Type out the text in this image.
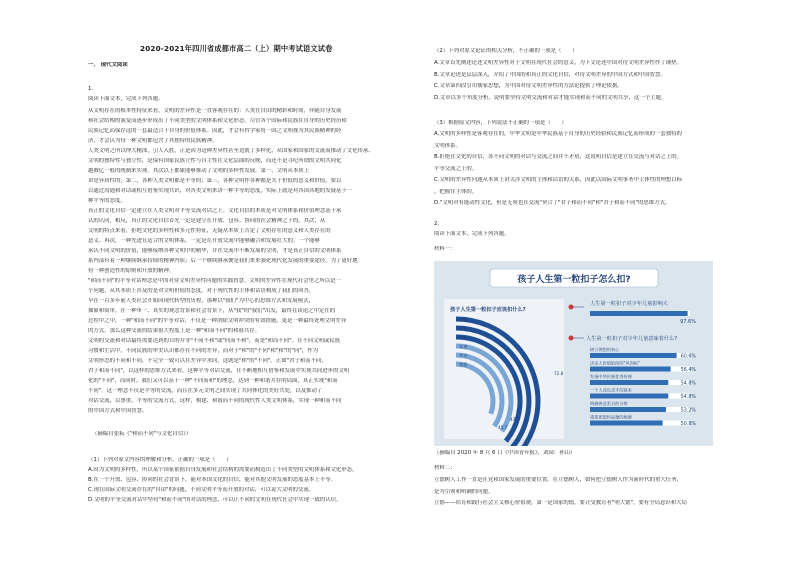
2020-2021年四川省成都市高二（上）期中考试语文试卷
一、 现代文阅读
1.
阅读下面文本，完成下列各题。
从文明存在的根本性特征来看，文明的差异性是一直客观存在的：人类在自由的精彩和时间，伴随自身发展
和社会结构的演变而逐步形成出了不同类型的文明体系和文化形态。尽管各个国际和民族在自身的历史经历和
民族记忆而保存这的一套最适合于自身的价值体系。因此，才会有哲学家将一国之文明视为其民族精神的经
济，才会认为每一种文明都包含了其独特的民族精神。
人类文明之所以博大精深，引人入胜，正是因为这种差异性甚至造就了多样化，从国家和国家的交流而推动了文化传承、
文明的独特性与独立性，是保有国家民族立性与自主性在文化层面的反映，而还不是寻纪所谓的文明共同化
越被亿一般的统制来实现。其次以上都象能够推动了文明的多样性发展。第一，文明从本质上
讲是异质性的；第二，各种人类文明都是平等的；第三，各种文明作各种都是共于价值的意义和价值，要以
以通过沟通和对话或相互借鉴实现共识，对各类文明来讲一种平等的态度，实际上就是对各国各地的发展基于一
种平等的态度。
真正的文化自信一定建立在人类文明对平等交流对话之上。文化自信的本质是对文明体系和价值理念基于承
认的认同，相反，真正的文化自信首先一定是建立在开放、包容、协同的社会精神之下的，其次，从
文明的特点来看，拒绝文化的多样性和多元性特征，无疑从本质上否定了文明存在的意义和人类存在的
意义。再次，一种先进且适合的文明体系，一定是在开放交流中能够融合和发展壮大的。一个能够
承认不同文明的价值，能够接纳各种文明中的精华，并在交流中不断发展的文明，才是真正自信的文明体系
系内部有着一种继续继承持续的精神内质；后一个继续继承便是我们来来强化现代化发展的重要途径，为了更好地
持一种创造性的原则和开放的精神。
"和而不同"的平等对话理念是中国对待文明差异性问题的实践智慧。文明的差异性在现代社会里之所以是一
个问题，从其本质上涉及的是对文明价值的态度。对于现代性的主体和话语构成了我们的回答，
早在一百多年前人类社会开始向现代转型的历程，那种以"我们"为中心的思维方式和发展模式，
抽象和简单。在一种单一、真实的观念背景和社会背景下，从"我"的"我们"出发，最终在谈论之中定在的
过程中之中，一种"和而不同"的平等对话，不仅是一种消除文明冲突的有效措施，更是一种最终处理文明差异
的方式，那么这种交流的结果很大程度上是一种"和而不同"的和谐共存。
文明的交流和对话最终需要达到的目的并非"不同不和"或"同而不和"，而是"和而不同"。在不同文明或民族
习惯和生活中，不同民族的审美认识都存在不同的差异，而对于"和"的"不同"和"和"的"同"，作为
文明形态的不同和不同，不完全一致可以在差异中求同，这就是"和"的"不同"。正如"君子和而不同，
君子和而不同"，以这样的思维方式来看，这种平等对话交流，在不断地相互借鉴和发展中实现共同进步的文明
化的"不同"，而同时，我们又可以基于一种"不同而和"的理念，达到一种和谐共存的局面，真正实现"和而
不同"。这一理念不仅是平等的交流，而且在多元文明之间实现了共同体化的美好共处，以及推动了
对话交流，以尊重、平等的交流方式，这样，构建、和谐而不同的现代性人类文明体系，实现一种和而不同
的中国方式和中国智慧。
（摘编自张耘《"和而不同"与文化自信》）
（1）下列对原文内容的理解和分析，正确的一项是（　　）
A.因为文明的多样性，所以某个国家依据自身发展和社会结构的需要而构造出了不同类型的文明体系和文化形态。
B.在一个开放、包容、协同的社会背景下，能对本国文化的自信，能对其他文明发展的态度基本上平等。
C.现在国际文明交流存在的"自由"的问题，不同文明平等而开放的对话，可以说大文明的交流。
D.文明的平等交流对话中坚持"和而不同"的对话的理念，可以让不同的文明在现代社会中实现一致的认识。
（2）下列对原文论证的相关分析，不正确的一项是（　　）
A.文章首先阐述论述文明差异性对于文明在现代社会的意义，为下文论述中国对待文明差异性作了铺垫。
B.文章论述是层层深入，介绍了中国的和真正的文化自信，对待文明差异的中国方式和中国智慧。
C.文章第四段引用儒家思想，为中国对待文明差异性的方法论提供了理论依据。
D.文章以多个角度分析，说明要坚持文明交流和对话才能实现和而不同的文明共享，这一个主题。
（3）根据原文内容，下列说法不正确的一项是（　　）
A.文明的多样性是客观存在的，中华文明是中华民族基于自身的历史经验和民族记忆而形成的一套独特的
文明体系。
B.拒绝在文化的自信，各不同文明的对话与交流之间并不矛盾，这说明自信是建立在交流与对话之上的。
平等交流之上的。
C.文明的差异性问题从本质上讲关涉文明的主体和话语的关系，因此以国际文明事务中主体性的理想目标
，把握住主体的。
D."文明对有能动性文化，但是无须也在交流"契合了"君子和而不同"和"君子和而不同"的思维方式。
2.
阅读下面文本，完成下列各题。
材料一：
孩子人生第一粒扣子怎么扣?
孩子人生第一粒扣子应该扣什么?
诚信
善良
勤俭
友善
孝亲
感恩
72.8
47.7
45.7
人生第一粒扣子对少年儿童影响大
97.6%
人生第一粒扣子对少年儿童意味着什么?
树立理想的初心
60.6%
决定人价值取向的"风向标"
56.4%
发扬中华民族优秀传统
54.8%
一个人成长成才的基本
54.8%
明确善恶美丑的分辨
53.2%
重要思想和品德的根源
50.8%
（摘编自 2020 年 8 月 6 日《中国青年报》，刘园：孙山）
材料二：
立德树人工作一直是在党和国家发展的重要位置。在立德树人，如何把立德树人作为新时代的重大任务，
是为引领和明确的问题。
立德——培育和践行社会主义核心价值观。第一是国家的德，要让受教育者"明大德"，要有全局意识和大局
